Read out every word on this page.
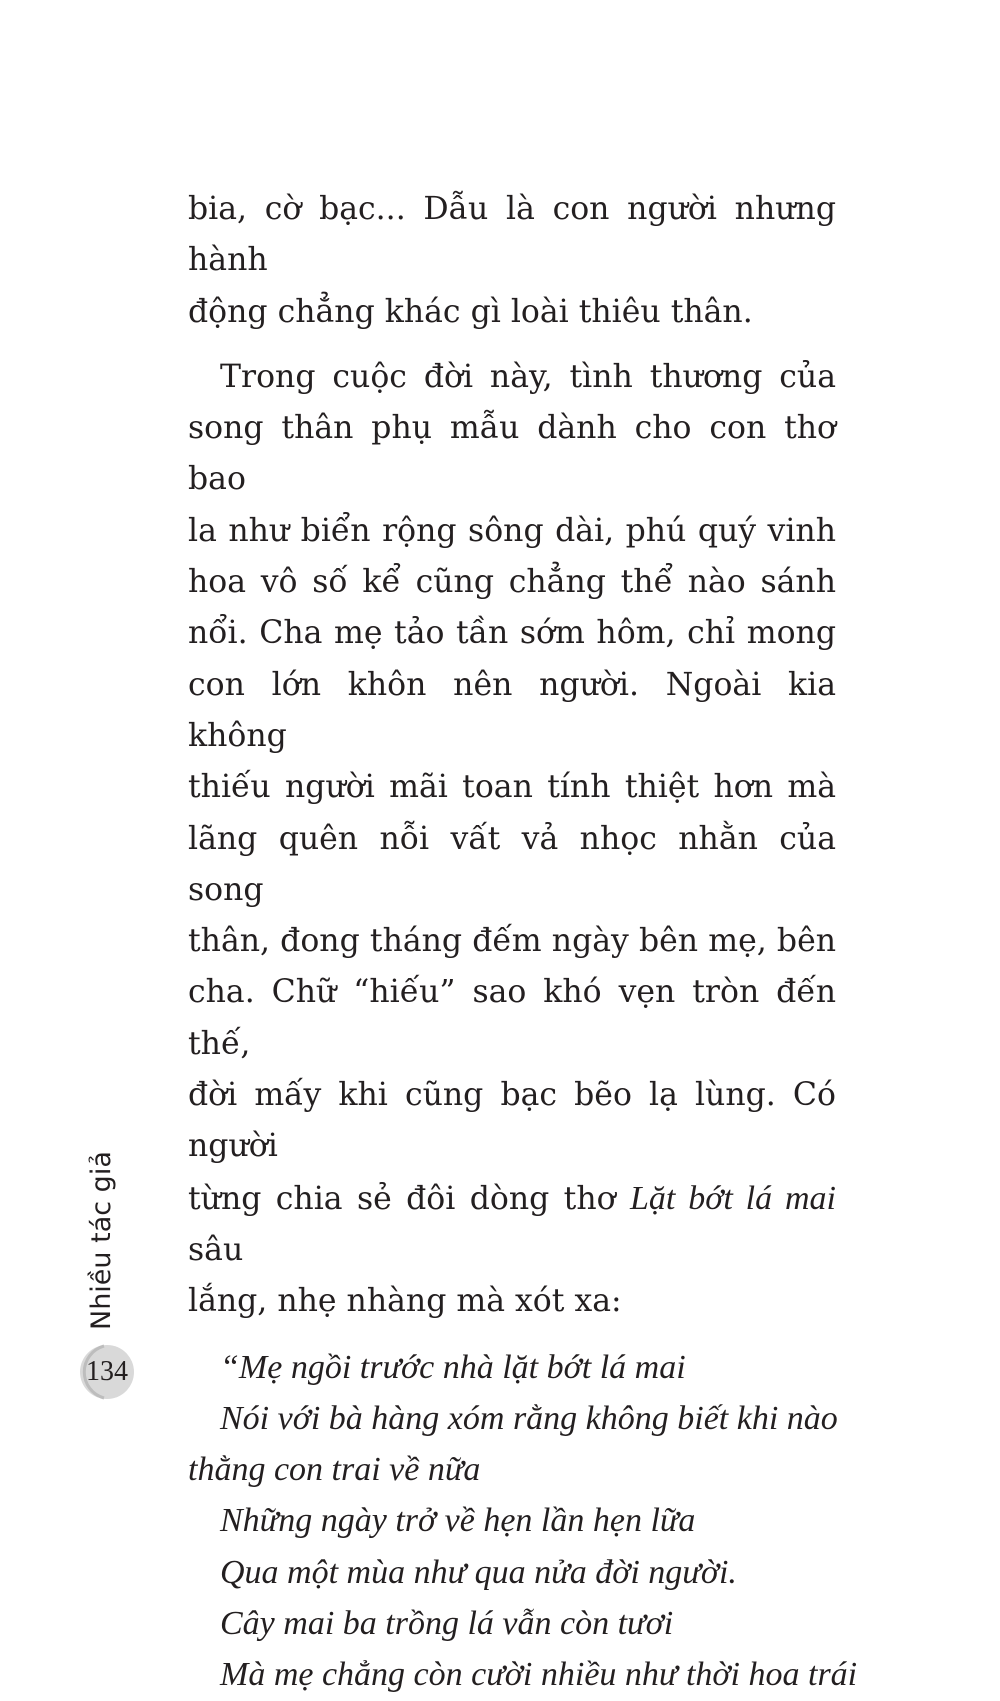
bia, cờ bạc... Dẫu là con người nhưng hành
động chẳng khác gì loài thiêu thân.

Trong cuộc đời này, tình thương của
song thân phụ mẫu dành cho con thơ bao
la như biển rộng sông dài, phú quý vinh
hoa vô số kể cũng chẳng thể nào sánh
nổi. Cha mẹ tảo tần sớm hôm, chỉ mong
con lớn khôn nên người. Ngoài kia không
thiếu người mãi toan tính thiệt hơn mà
lãng quên nỗi vất vả nhọc nhằn của song
thân, đong tháng đếm ngày bên mẹ, bên
cha. Chữ “hiếu” sao khó vẹn tròn đến thế,
đời mấy khi cũng bạc bẽo lạ lùng. Có người
từng chia sẻ đôi dòng thơ Lặt bớt lá mai sâu
lắng, nhẹ nhàng mà xót xa:

“Mẹ ngồi trước nhà lặt bớt lá mai
Nói với bà hàng xóm rằng không biết khi nào
thằng con trai về nữa
Những ngày trở về hẹn lần hẹn lữa
Qua một mùa như qua nửa đời người.
Cây mai ba trồng lá vẫn còn tươi
Mà mẹ chẳng còn cười nhiều như thời hoa trái
Nhiều tác giả
134
